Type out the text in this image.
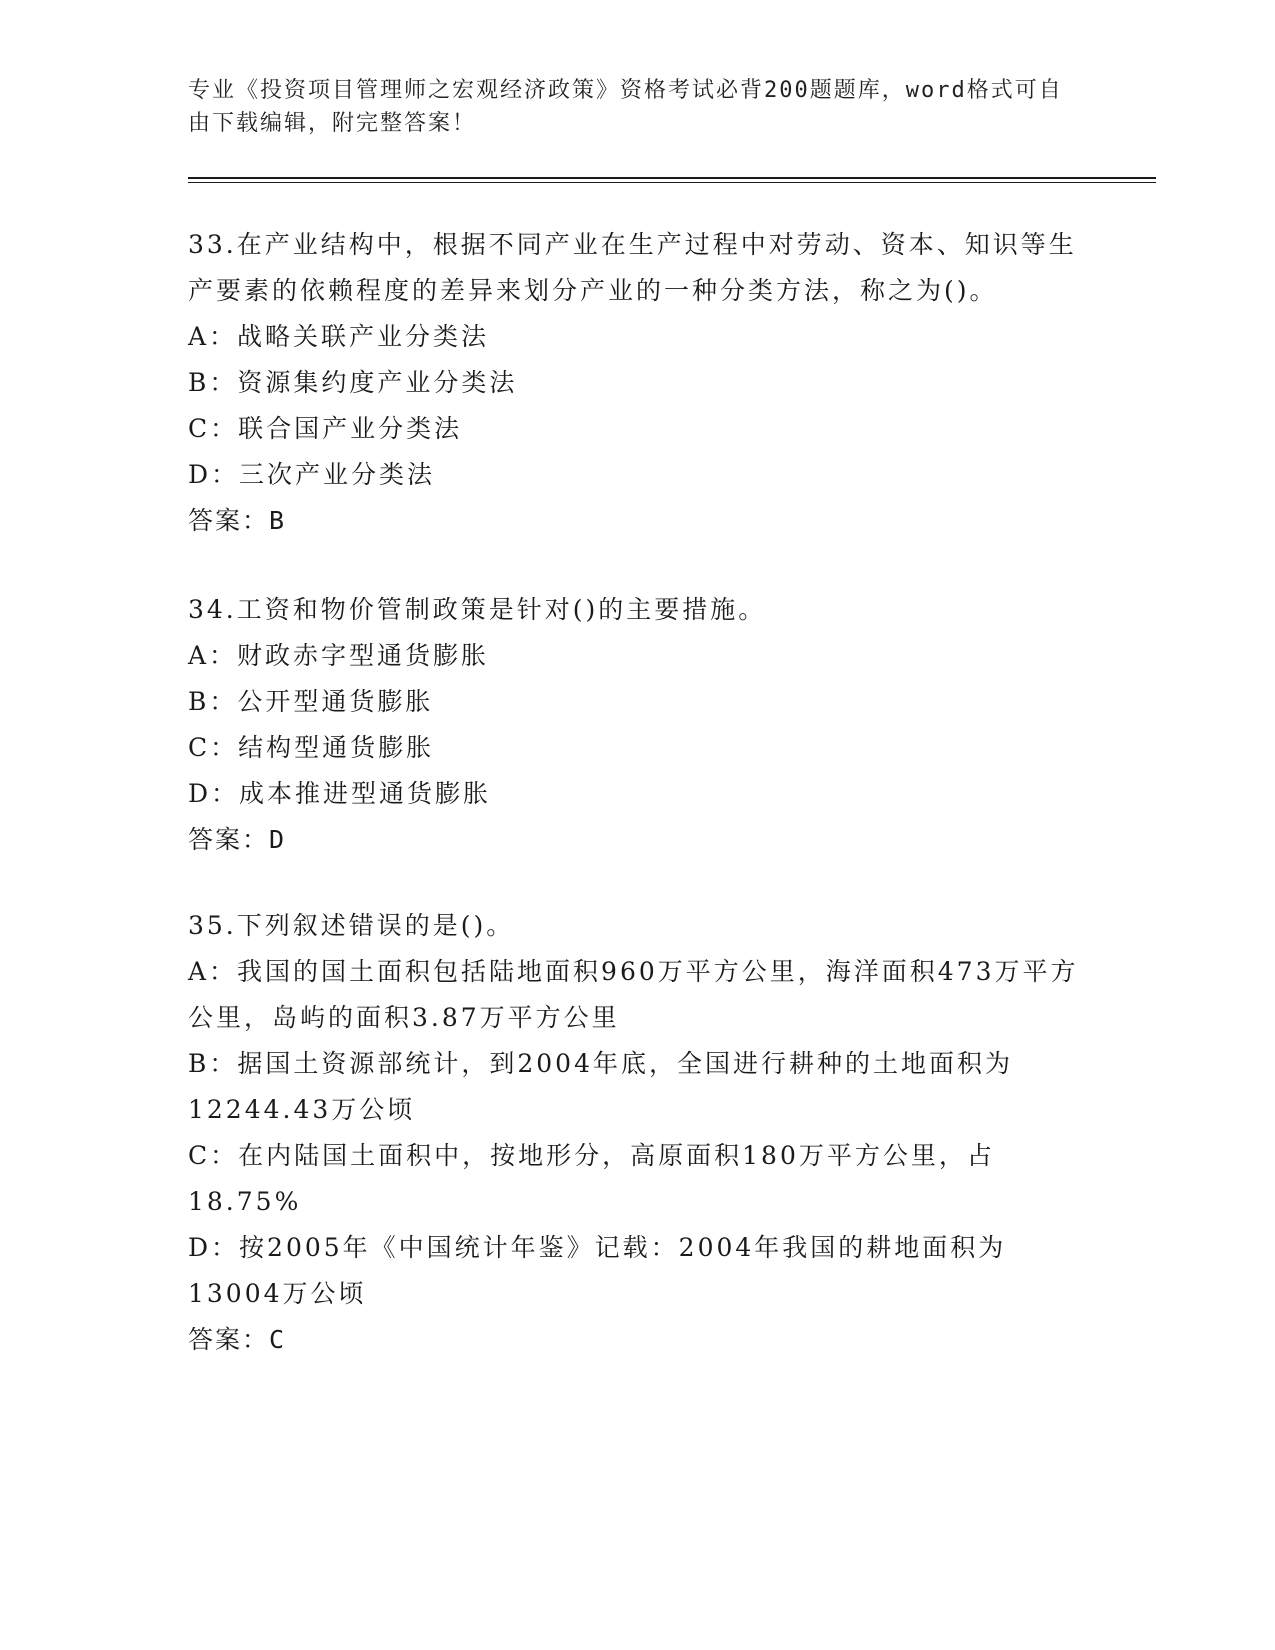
专业《投资项目管理师之宏观经济政策》资格考试必背200题题库，word格式可自由下载编辑，附完整答案！
33.在产业结构中，根据不同产业在生产过程中对劳动、资本、知识等生产要素的依赖程度的差异来划分产业的一种分类方法，称之为()。
A：战略关联产业分类法
B：资源集约度产业分类法
C：联合国产业分类法
D：三次产业分类法
答案：B
34.工资和物价管制政策是针对()的主要措施。
A：财政赤字型通货膨胀
B：公开型通货膨胀
C：结构型通货膨胀
D：成本推进型通货膨胀
答案：D
35.下列叙述错误的是()。
A：我国的国土面积包括陆地面积960万平方公里，海洋面积473万平方公里，岛屿的面积3.87万平方公里
B：据国土资源部统计，到2004年底，全国进行耕种的土地面积为12244.43万公顷
C：在内陆国土面积中，按地形分，高原面积180万平方公里，占18.75%
D：按2005年《中国统计年鉴》记载：2004年我国的耕地面积为13004万公顷
答案：C
